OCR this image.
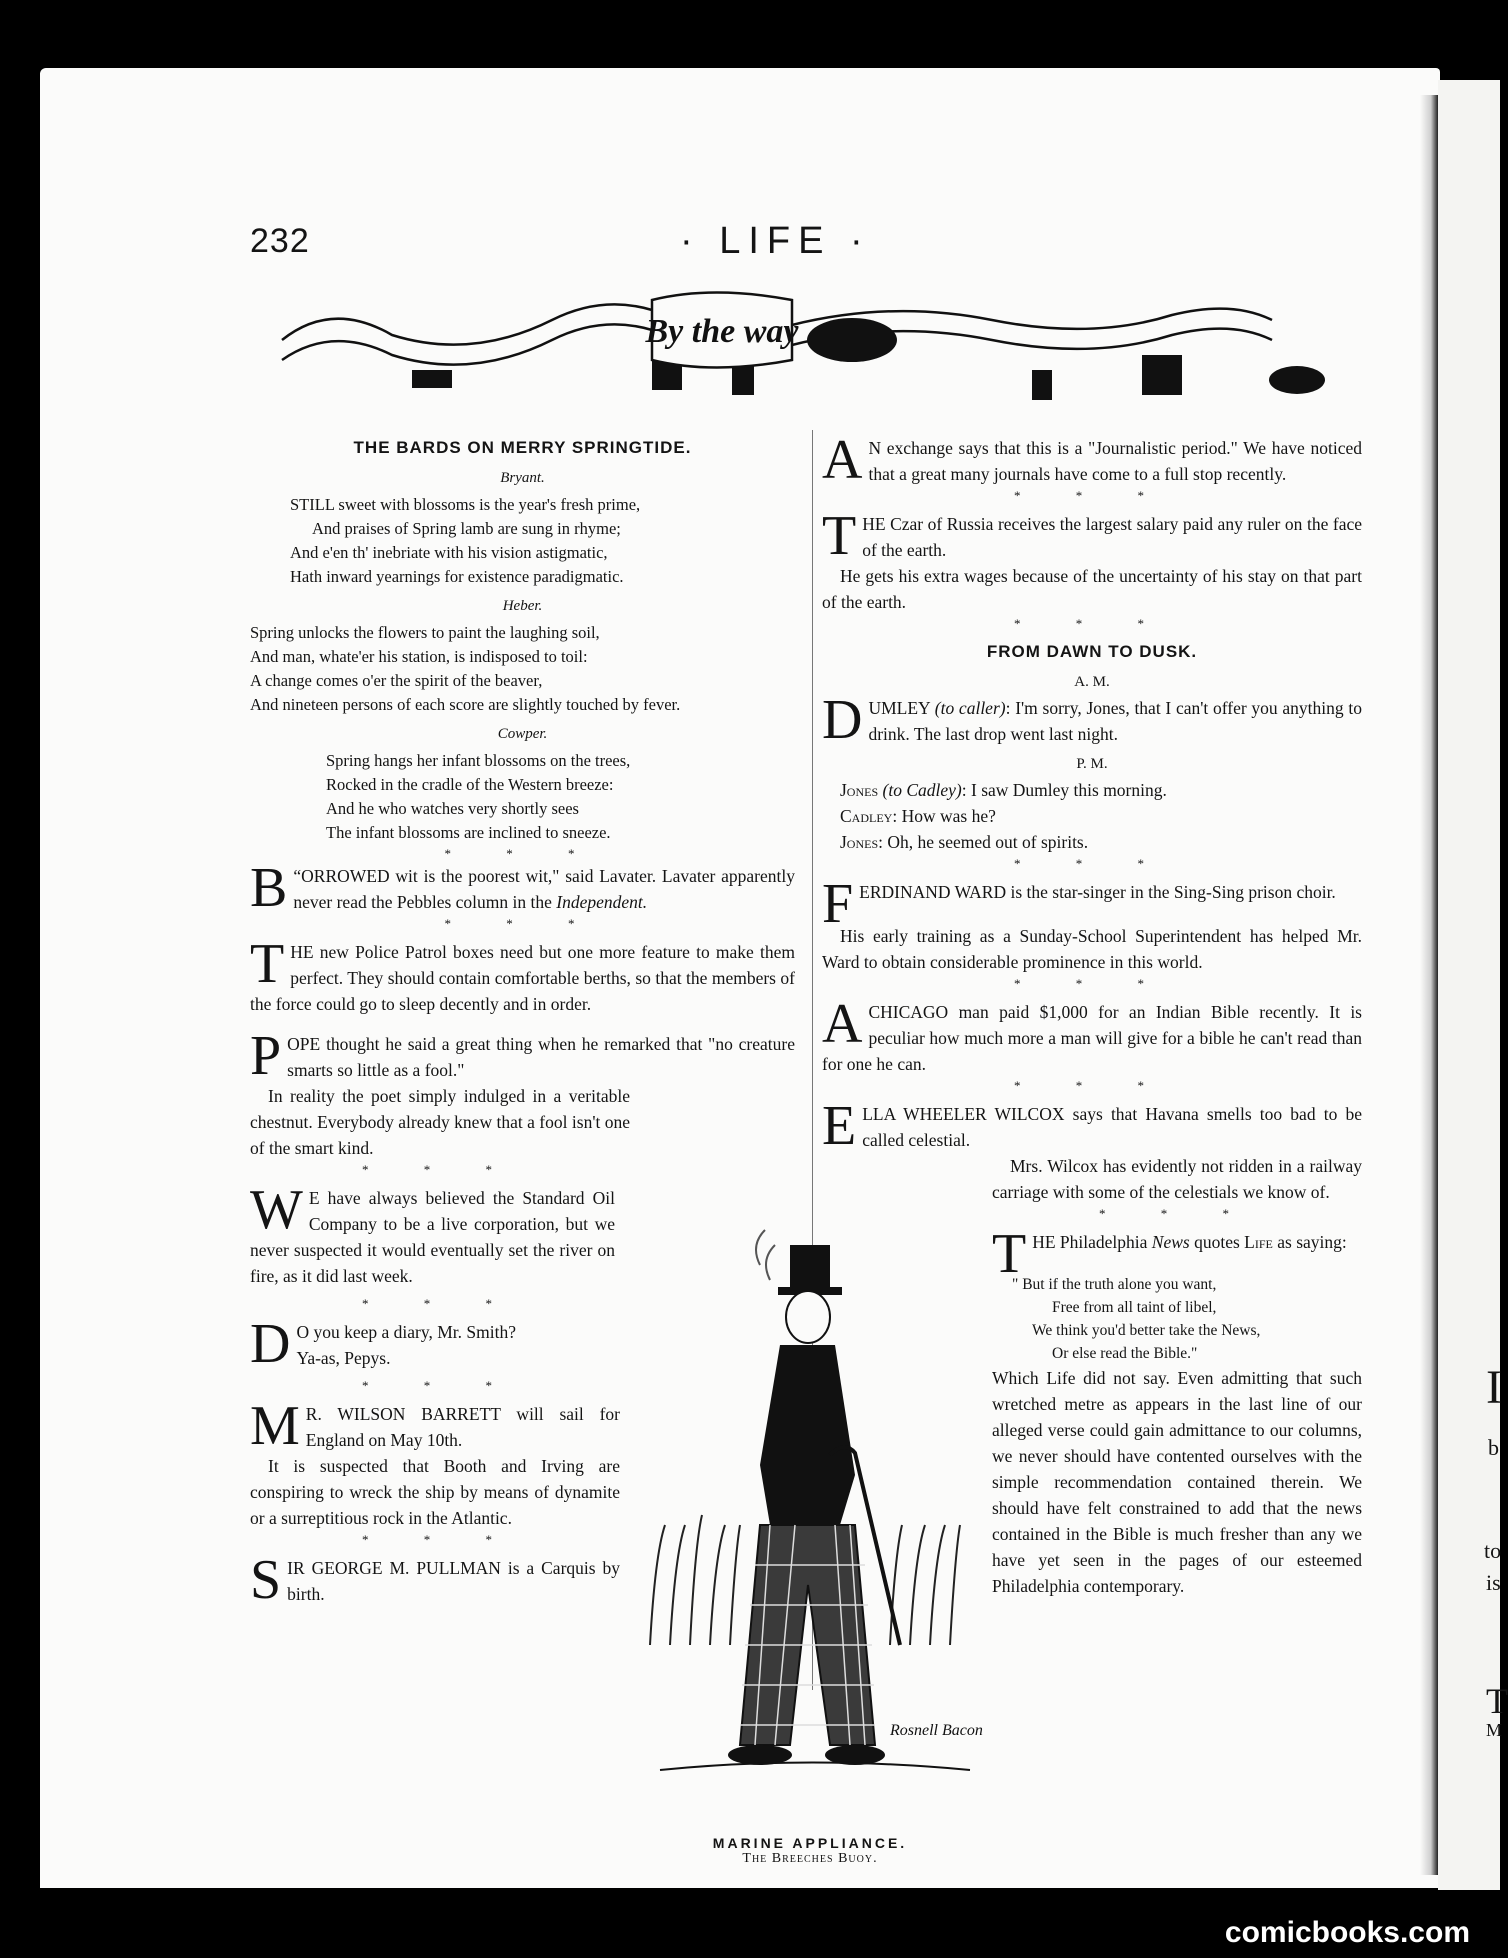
I
b
to
is
T
M
232	· LIFE ·
By the way
THE BARDS ON MERRY SPRINGTIDE.
Bryant.
STILL sweet with blossoms is the year's fresh prime,
And praises of Spring lamb are sung in rhyme;
And e'en th' inebriate with his vision astigmatic,
Hath inward yearnings for existence paradigmatic.
Heber.
Spring unlocks the flowers to paint the laughing soil,
And man, whate'er his station, is indisposed to toil:
A change comes o'er the spirit of the beaver,
And nineteen persons of each score are slightly touched by fever.
Cowper.
Spring hangs her infant blossoms on the trees,
Rocked in the cradle of the Western breeze:
And he who watches very shortly sees
The infant blossoms are inclined to sneeze.
* * *

“
B ORROWED wit is the poorest wit," said Lavater. Lavater apparently never read the Pebbles column in the Independent.

* * *

THE new Police Patrol boxes need but one more feature to make them perfect. They should contain comfortable berths, so that the members of the force could go to sleep decently and in order.

POPE thought he said a great thing when he remarked that "no creature smarts so little as a fool."

In reality the poet simply indulged in a veritable chestnut. Everybody already knew that a fool isn't one of the smart kind.

* * *

W E have always believed the Standard Oil Company to be a live corporation, but we never suspected it would eventually set the river on fire, as it did last week.

* * *

D O you keep a diary, Mr. Smith?
Ya-as, Pepys.

* * *

M R. WILSON BARRETT will sail for England on May 10th.

It is suspected that Booth and Irving are conspiring to wreck the ship by means of dynamite or a surreptitious rock in the Atlantic.

* * *

SIR GEORGE M. PULLMAN is a Carquis by birth.

A N exchange says that this is a "Journalistic period." We have noticed that a great many journals have come to a full stop recently.

* * *

THE Czar of Russia receives the largest salary paid any ruler on the face of the earth.

He gets his extra wages because of the uncertainty of his stay on that part of the earth.

* * *
FROM DAWN TO DUSK.
A. M.

DUMLEY (to caller): I'm sorry, Jones, that I can't offer you anything to drink. The last drop went last night.

P. M.
Jones (to Cadley): I saw Dumley this morning.
Cadley: How was he?
Jones: Oh, he seemed out of spirits.
* * *

FERDINAND WARD is the star-singer in the Sing-Sing prison choir.

His early training as a Sunday-School Superintendent has helped Mr. Ward to obtain considerable prominence in this world.

* * *

ACHICAGO man paid $1,000 for an Indian Bible recently. It is peculiar how much more a man will give for a bible he can't read than for one he can.

* * *

ELLA WHEELER WILCOX says that Havana smells too bad to be called celestial.

Mrs. Wilcox has evidently not ridden in a railway carriage with some of the celestials we know of.

* * *

THE Philadelphia News quotes Life as saying:

" But if the truth alone you want,
Free from all taint of libel,
We think you'd better take the News,
Or else read the Bible."

Which Life did not say. Even admitting that such wretched metre as appears in the last line of our alleged verse could gain admittance to our columns, we never should have contented ourselves with the simple recommendation contained therein. We should have felt constrained to add that the news contained in the Bible is much fresher than any we have yet seen in the pages of our esteemed Philadelphia contemporary.

Rosnell Bacon
MARINE APPLIANCE.
The Breeches Buoy.
comicbooks.com
